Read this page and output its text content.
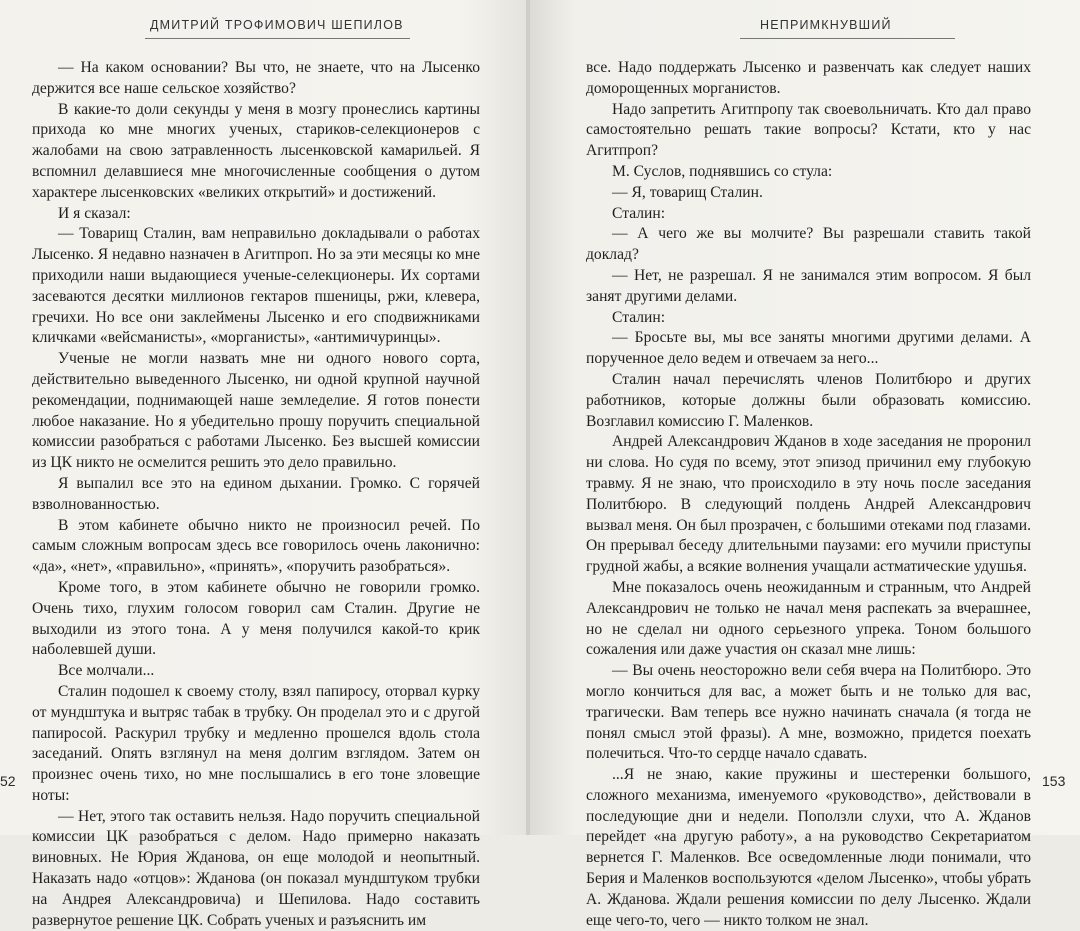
ДМИТРИЙ ТРОФИМОВИЧ ШЕПИЛОВ

— На каком основании? Вы что, не знаете, что на Лысенко держится все наше сельское хозяйство?

В какие-то доли секунды у меня в мозгу пронеслись картины прихода ко мне многих ученых, стариков-селекционеров с жалобами на свою затравленность лысенковской камарильей. Я вспомнил делавшиеся мне многочисленные сообщения о дутом характере лысенковских «великих открытий» и достижений.

И я сказал:

— Товарищ Сталин, вам неправильно докладывали о работах Лысенко. Я недавно назначен в Агитпроп. Но за эти месяцы ко мне приходили наши выдающиеся ученые-селекционеры. Их сортами засеваются десятки миллионов гектаров пшеницы, ржи, клевера, гречихи. Но все они заклеймены Лысенко и его сподвижниками кличками «вейсманисты», «морганисты», «антимичуринцы».

Ученые не могли назвать мне ни одного нового сорта, действительно выведенного Лысенко, ни одной крупной научной рекомендации, поднимающей наше земледелие. Я готов понести любое наказание. Но я убедительно прошу поручить специальной комиссии разобраться с работами Лысенко. Без высшей комиссии из ЦК никто не осмелится решить это дело правильно.

Я выпалил все это на едином дыхании. Громко. С горячей взволнованностью.

В этом кабинете обычно никто не произносил речей. По самым сложным вопросам здесь все говорилось очень лаконично: «да», «нет», «правильно», «принять», «поручить разобраться».

Кроме того, в этом кабинете обычно не говорили громко. Очень тихо, глухим голосом говорил сам Сталин. Другие не выходили из этого тона. А у меня получился какой-то крик наболевшей души.

Все молчали...

Сталин подошел к своему столу, взял папиросу, оторвал курку от мундштука и вытряс табак в трубку. Он проделал это и с другой папиросой. Раскурил трубку и медленно прошелся вдоль стола заседаний. Опять взглянул на меня долгим взглядом. Затем он произнес очень тихо, но мне послышались в его тоне зловещие ноты:

— Нет, этого так оставить нельзя. Надо поручить специальной комиссии ЦК разобраться с делом. Надо примерно наказать виновных. Не Юрия Жданова, он еще молодой и неопытный. Наказать надо «отцов»: Жданова (он показал мундштуком трубки на Андрея Александровича) и Шепилова. Надо составить развернутое решение ЦК. Собрать ученых и разъяснить им

52
НЕПРИМКНУВШИЙ

все. Надо поддержать Лысенко и развенчать как следует наших доморощенных морганистов.

Надо запретить Агитпропу так своевольничать. Кто дал право самостоятельно решать такие вопросы? Кстати, кто у нас Агитпроп?

М. Суслов, поднявшись со стула:

— Я, товарищ Сталин.

Сталин:

— А чего же вы молчите? Вы разрешали ставить такой доклад?

— Нет, не разрешал. Я не занимался этим вопросом. Я был занят другими делами.

Сталин:

— Бросьте вы, мы все заняты многими другими делами. А порученное дело ведем и отвечаем за него...

Сталин начал перечислять членов Политбюро и других работников, которые должны были образовать комиссию. Возглавил комиссию Г. Маленков.

Андрей Александрович Жданов в ходе заседания не проронил ни слова. Но судя по всему, этот эпизод причинил ему глубокую травму. Я не знаю, что происходило в эту ночь после заседания Политбюро. В следующий полдень Андрей Александрович вызвал меня. Он был прозрачен, с большими отеками под глазами. Он прерывал беседу длительными паузами: его мучили приступы грудной жабы, а всякие волнения учащали астматические удушья.

Мне показалось очень неожиданным и странным, что Андрей Александрович не только не начал меня распекать за вчерашнее, но не сделал ни одного серьезного упрека. Тоном большого сожаления или даже участия он сказал мне лишь:

— Вы очень неосторожно вели себя вчера на Политбюро. Это могло кончиться для вас, а может быть и не только для вас, трагически. Вам теперь все нужно начинать сначала (я тогда не понял смысл этой фразы). А мне, возможно, придется поехать полечиться. Что-то сердце начало сдавать.

...Я не знаю, какие пружины и шестеренки большого, сложного механизма, именуемого «руководство», действовали в последующие дни и недели. Поползли слухи, что А. Жданов перейдет «на другую работу», а на руководство Секретариатом вернется Г. Маленков. Все осведомленные люди понимали, что Берия и Маленков воспользуются «делом Лысенко», чтобы убрать А. Жданова. Ждали решения комиссии по делу Лысенко. Ждали еще чего-то, чего — никто толком не знал.

153
